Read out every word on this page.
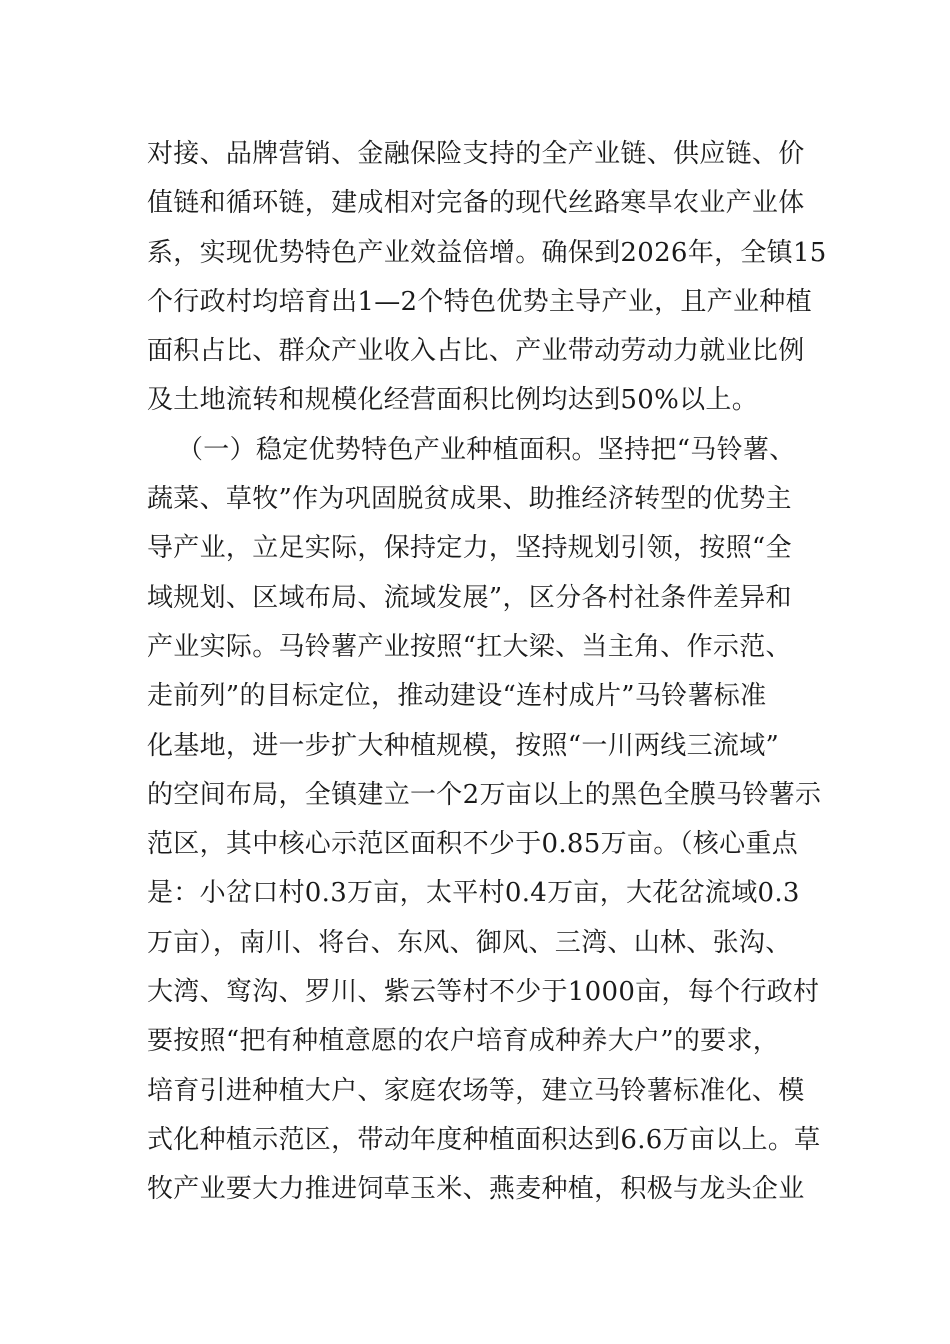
对接、品牌营销、金融保险支持的全产业链、供应链、价
值链和循环链，建成相对完备的现代丝路寒旱农业产业体
系，实现优势特色产业效益倍增。确保到2026年，全镇15
个行政村均培育出1—2个特色优势主导产业，且产业种植
面积占比、群众产业收入占比、产业带动劳动力就业比例
及土地流转和规模化经营面积比例均达到50%以上。
（一）稳定优势特色产业种植面积。坚持把“马铃薯、
蔬菜、草牧”作为巩固脱贫成果、助推经济转型的优势主
导产业，立足实际，保持定力，坚持规划引领，按照“全
域规划、区域布局、流域发展”，区分各村社条件差异和
产业实际。马铃薯产业按照“扛大梁、当主角、作示范、
走前列”的目标定位，推动建设“连村成片”马铃薯标准
化基地，进一步扩大种植规模，按照“一川两线三流域”
的空间布局，全镇建立一个2万亩以上的黑色全膜马铃薯示
范区，其中核心示范区面积不少于0.85万亩。（核心重点
是：小岔口村0.3万亩，太平村0.4万亩，大花岔流域0.3
万亩），南川、将台、东风、御风、三湾、山林、张沟、
大湾、窎沟、罗川、紫云等村不少于1000亩，每个行政村
要按照“把有种植意愿的农户培育成种养大户”的要求，
培育引进种植大户、家庭农场等，建立马铃薯标准化、模
式化种植示范区，带动年度种植面积达到6.6万亩以上。草
牧产业要大力推进饲草玉米、燕麦种植，积极与龙头企业
